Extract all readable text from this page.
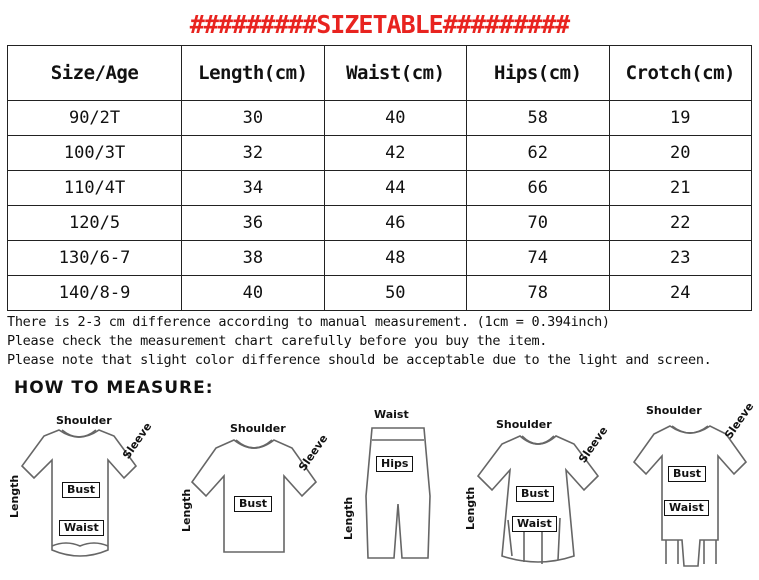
#########SIZETABLE#########
Size/Age	Length(cm)	Waist(cm)	Hips(cm)	Crotch(cm)
90/2T	30	40	58	19
100/3T	32	42	62	20
110/4T	34	44	66	21
120/5	36	46	70	22
130/6-7	38	48	74	23
140/8-9	40	50	78	24
There is 2-3 cm difference according to manual measurement. (1cm = 0.394inch)
Please check the measurement chart carefully before you buy the item.
Please note that slight color difference should be acceptable due to the light and screen.
HOW TO MEASURE:
Shoulder Sleeve
Length	Bust
Waist
Shoulder
Sleeve
Length	Bust
Waist
Hips
Length
Shoulder Sleeve
Length	Bust
Waist
Shoulder Sleeve
Bust
Waist
